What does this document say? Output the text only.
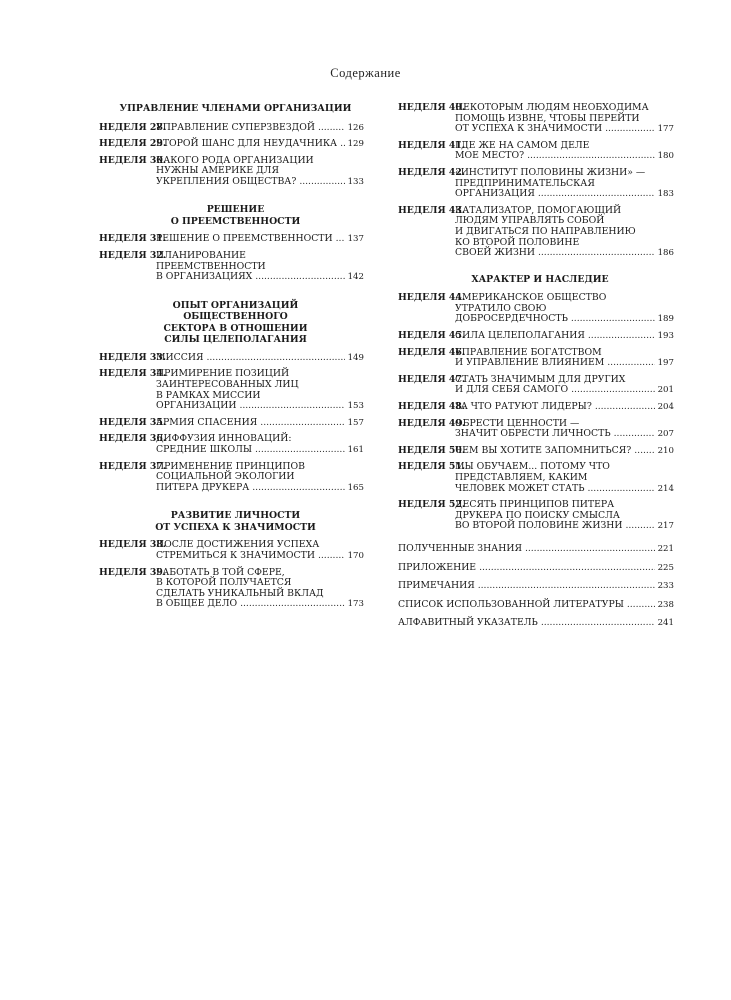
Содержание
УПРАВЛЕНИЕ ЧЛЕНАМИ ОРГАНИЗАЦИИ
НЕДЕЛЯ 28.
УПРАВЛЕНИЕ СУПЕРЗВЕЗДОЙ . . .	126
НЕДЕЛЯ 29.
ВТОРОЙ ШАНС ДЛЯ НЕУДАЧНИКА . . . 129
НЕДЕЛЯ 30.
КАКОГО РОДА ОРГАНИЗАЦИИ
НУЖНЫ АМЕРИКЕ ДЛЯ
УКРЕПЛЕНИЯ ОБЩЕСТВА? . . .	133
РЕШЕНИЕ
О ПРЕЕМСТВЕННОСТИ
НЕДЕЛЯ 31.
РЕШЕНИЕ О ПРЕЕМСТВЕННОСТИ . . . 137
НЕДЕЛЯ 32.
ПЛАНИРОВАНИЕ
ПРЕЕМСТВЕННОСТИ
В ОРГАНИЗАЦИЯХ . . .	142
ОПЫТ ОРГАНИЗАЦИЙ
ОБЩЕСТВЕННОГО
СЕКТОРА В ОТНОШЕНИИ
СИЛЫ ЦЕЛЕПОЛАГАНИЯ
НЕДЕЛЯ 33.
МИССИЯ . . .	149
НЕДЕЛЯ 34.
ПРИМИРЕНИЕ ПОЗИЦИЙ
ЗАИНТЕРЕСОВАННЫХ ЛИЦ
В РАМКАХ МИССИИ
ОРГАНИЗАЦИИ . . .	153
НЕДЕЛЯ 35.
АРМИЯ СПАСЕНИЯ . . .	157
НЕДЕЛЯ 36.
ДИФФУЗИЯ ИННОВАЦИЙ:
СРЕДНИЕ ШКОЛЫ . . .	161
НЕДЕЛЯ 37.
ПРИМЕНЕНИЕ ПРИНЦИПОВ
СОЦИАЛЬНОЙ ЭКОЛОГИИ
ПИТЕРА ДРУКЕРА . . .	165
РАЗВИТИЕ ЛИЧНОСТИ
ОТ УСПЕХА К ЗНАЧИМОСТИ
НЕДЕЛЯ 38.
ПОСЛЕ ДОСТИЖЕНИЯ УСПЕХА
СТРЕМИТЬСЯ К ЗНАЧИМОСТИ . . .	170
НЕДЕЛЯ 39.
РАБОТАТЬ В ТОЙ СФЕРЕ,
В КОТОРОЙ ПОЛУЧАЕТСЯ
СДЕЛАТЬ УНИКАЛЬНЫЙ ВКЛАД
В ОБЩЕЕ ДЕЛО . . .	173
НЕДЕЛЯ 40.
НЕКОТОРЫМ ЛЮДЯМ НЕОБХОДИМА
ПОМОЩЬ ИЗВНЕ, ЧТОБЫ ПЕРЕЙТИ
ОТ УСПЕХА К ЗНАЧИМОСТИ . . .	177
НЕДЕЛЯ 41.
ГДЕ ЖЕ НА САМОМ ДЕЛЕ
МОЕ МЕСТО? . . .	180
НЕДЕЛЯ 42.
«ИНСТИТУТ ПОЛОВИНЫ ЖИЗНИ» —
ПРЕДПРИНИМАТЕЛЬСКАЯ
ОРГАНИЗАЦИЯ . . .	183
НЕДЕЛЯ 43.
КАТАЛИЗАТОР, ПОМОГАЮЩИЙ
ЛЮДЯМ УПРАВЛЯТЬ СОБОЙ
И ДВИГАТЬСЯ ПО НАПРАВЛЕНИЮ
КО ВТОРОЙ ПОЛОВИНЕ
СВОЕЙ ЖИЗНИ . . .	186
ХАРАКТЕР И НАСЛЕДИЕ
НЕДЕЛЯ 44.
АМЕРИКАНСКОЕ ОБЩЕСТВО
УТРАТИЛО СВОЮ
ДОБРОСЕРДЕЧНОСТЬ . . .	189
НЕДЕЛЯ 45.
СИЛА ЦЕЛЕПОЛАГАНИЯ . . .	193
НЕДЕЛЯ 46.
УПРАВЛЕНИЕ БОГАТСТВОМ
И УПРАВЛЕНИЕ ВЛИЯНИЕМ . . .	197
НЕДЕЛЯ 47.
СТАТЬ ЗНАЧИМЫМ ДЛЯ ДРУГИХ
И ДЛЯ СЕБЯ САМОГО . . .	201
НЕДЕЛЯ 48.
ЗА ЧТО РАТУЮТ ЛИДЕРЫ? . . .	204
НЕДЕЛЯ 49.
ОБРЕСТИ ЦЕННОСТИ —
ЗНАЧИТ ОБРЕСТИ ЛИЧНОСТЬ . . .	207
НЕДЕЛЯ 50.
ЧЕМ ВЫ ХОТИТЕ ЗАПОМНИТЬСЯ? . . .	210
НЕДЕЛЯ 51.
МЫ ОБУЧАЕМ... ПОТОМУ ЧТО
ПРЕДСТАВЛЯЕМ, КАКИМ
ЧЕЛОВЕК МОЖЕТ СТАТЬ . . .	214
НЕДЕЛЯ 52.
ДЕСЯТЬ ПРИНЦИПОВ ПИТЕРА
ДРУКЕРА ПО ПОИСКУ СМЫСЛА
ВО ВТОРОЙ ПОЛОВИНЕ ЖИЗНИ . . .	217
ПОЛУЧЕННЫЕ ЗНАНИЯ . . .	221
ПРИЛОЖЕНИЕ . . .	225
ПРИМЕЧАНИЯ . . .	233
СПИСОК ИСПОЛЬЗОВАННОЙ ЛИТЕРАТУРЫ . . .	238
АЛФАВИТНЫЙ УКАЗАТЕЛЬ . . .	241
